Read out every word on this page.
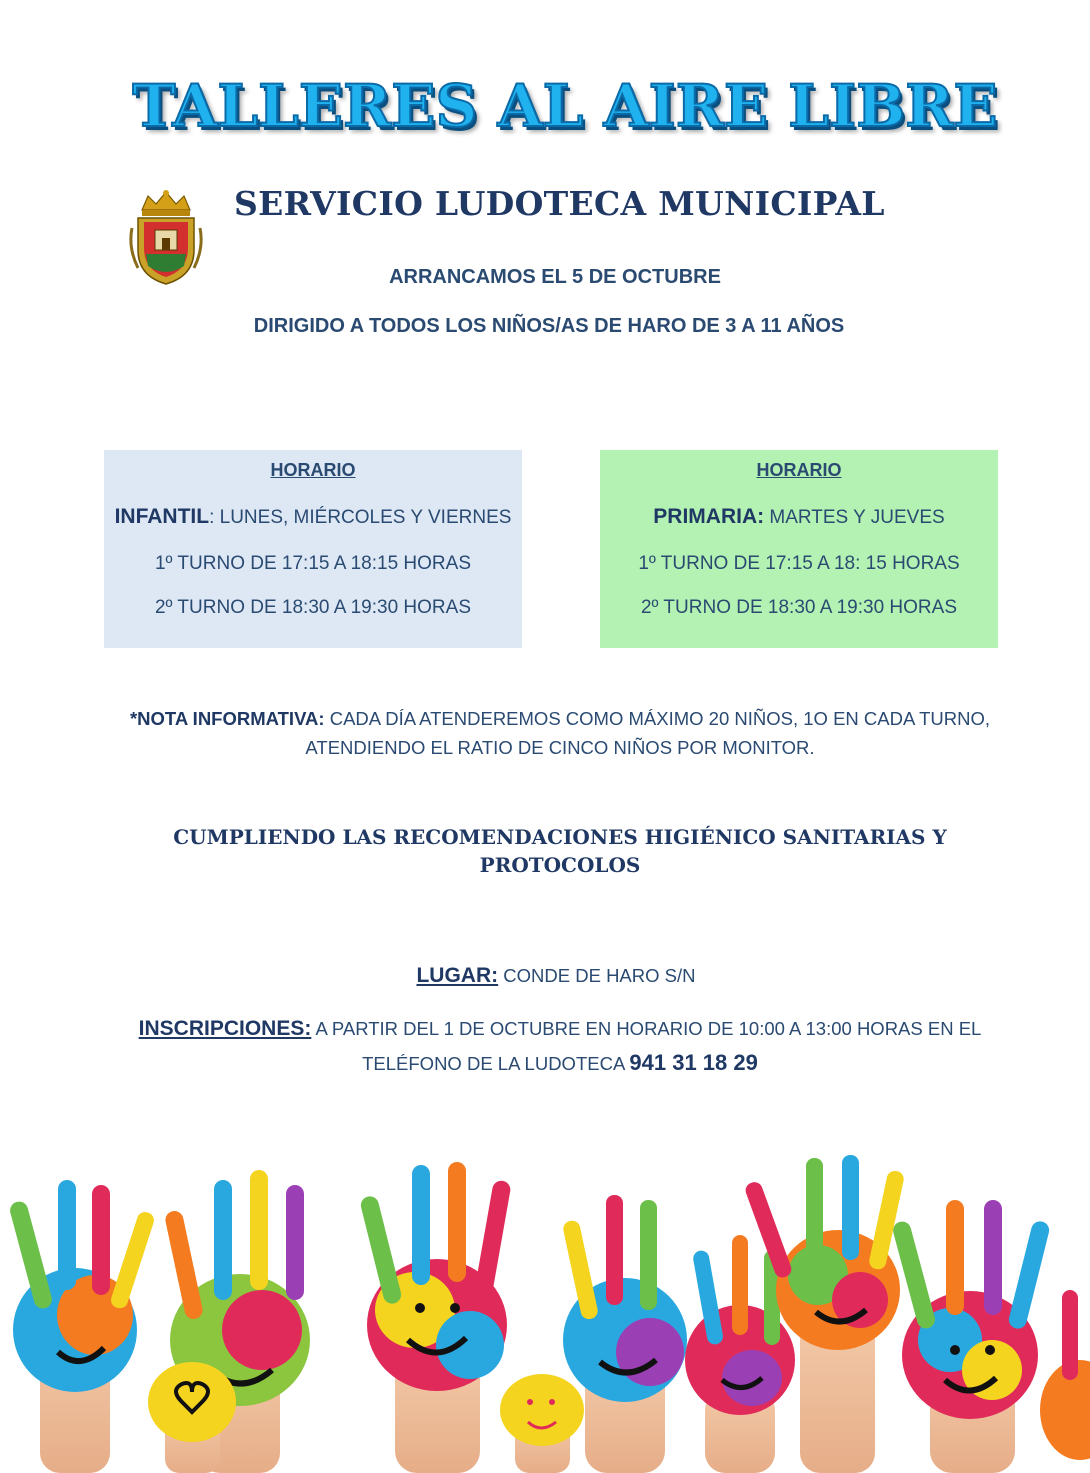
TALLERES AL AIRE LIBRE
SERVICIO LUDOTECA MUNICIPAL
ARRANCAMOS EL 5 DE OCTUBRE
DIRIGIDO A TODOS LOS NIÑOS/AS DE HARO DE 3 A 11 AÑOS
HORARIO
INFANTIL: LUNES, MIÉRCOLES Y VIERNES
1º TURNO DE 17:15 A 18:15 HORAS
2º TURNO DE 18:30 A 19:30 HORAS
HORARIO
PRIMARIA: MARTES Y JUEVES
1º TURNO DE 17:15 A 18: 15 HORAS
2º TURNO DE 18:30 A 19:30 HORAS
*NOTA INFORMATIVA: CADA DÍA ATENDEREMOS COMO MÁXIMO 20 NIÑOS, 1O EN CADA TURNO, ATENDIENDO EL RATIO DE CINCO NIÑOS POR MONITOR.
CUMPLIENDO LAS RECOMENDACIONES HIGIÉNICO SANITARIAS Y PROTOCOLOS
LUGAR: CONDE DE HARO S/N
INSCRIPCIONES: A PARTIR DEL 1 DE OCTUBRE EN HORARIO DE 10:00 A 13:00 HORAS EN EL TELÉFONO DE LA LUDOTECA 941 31 18 29
